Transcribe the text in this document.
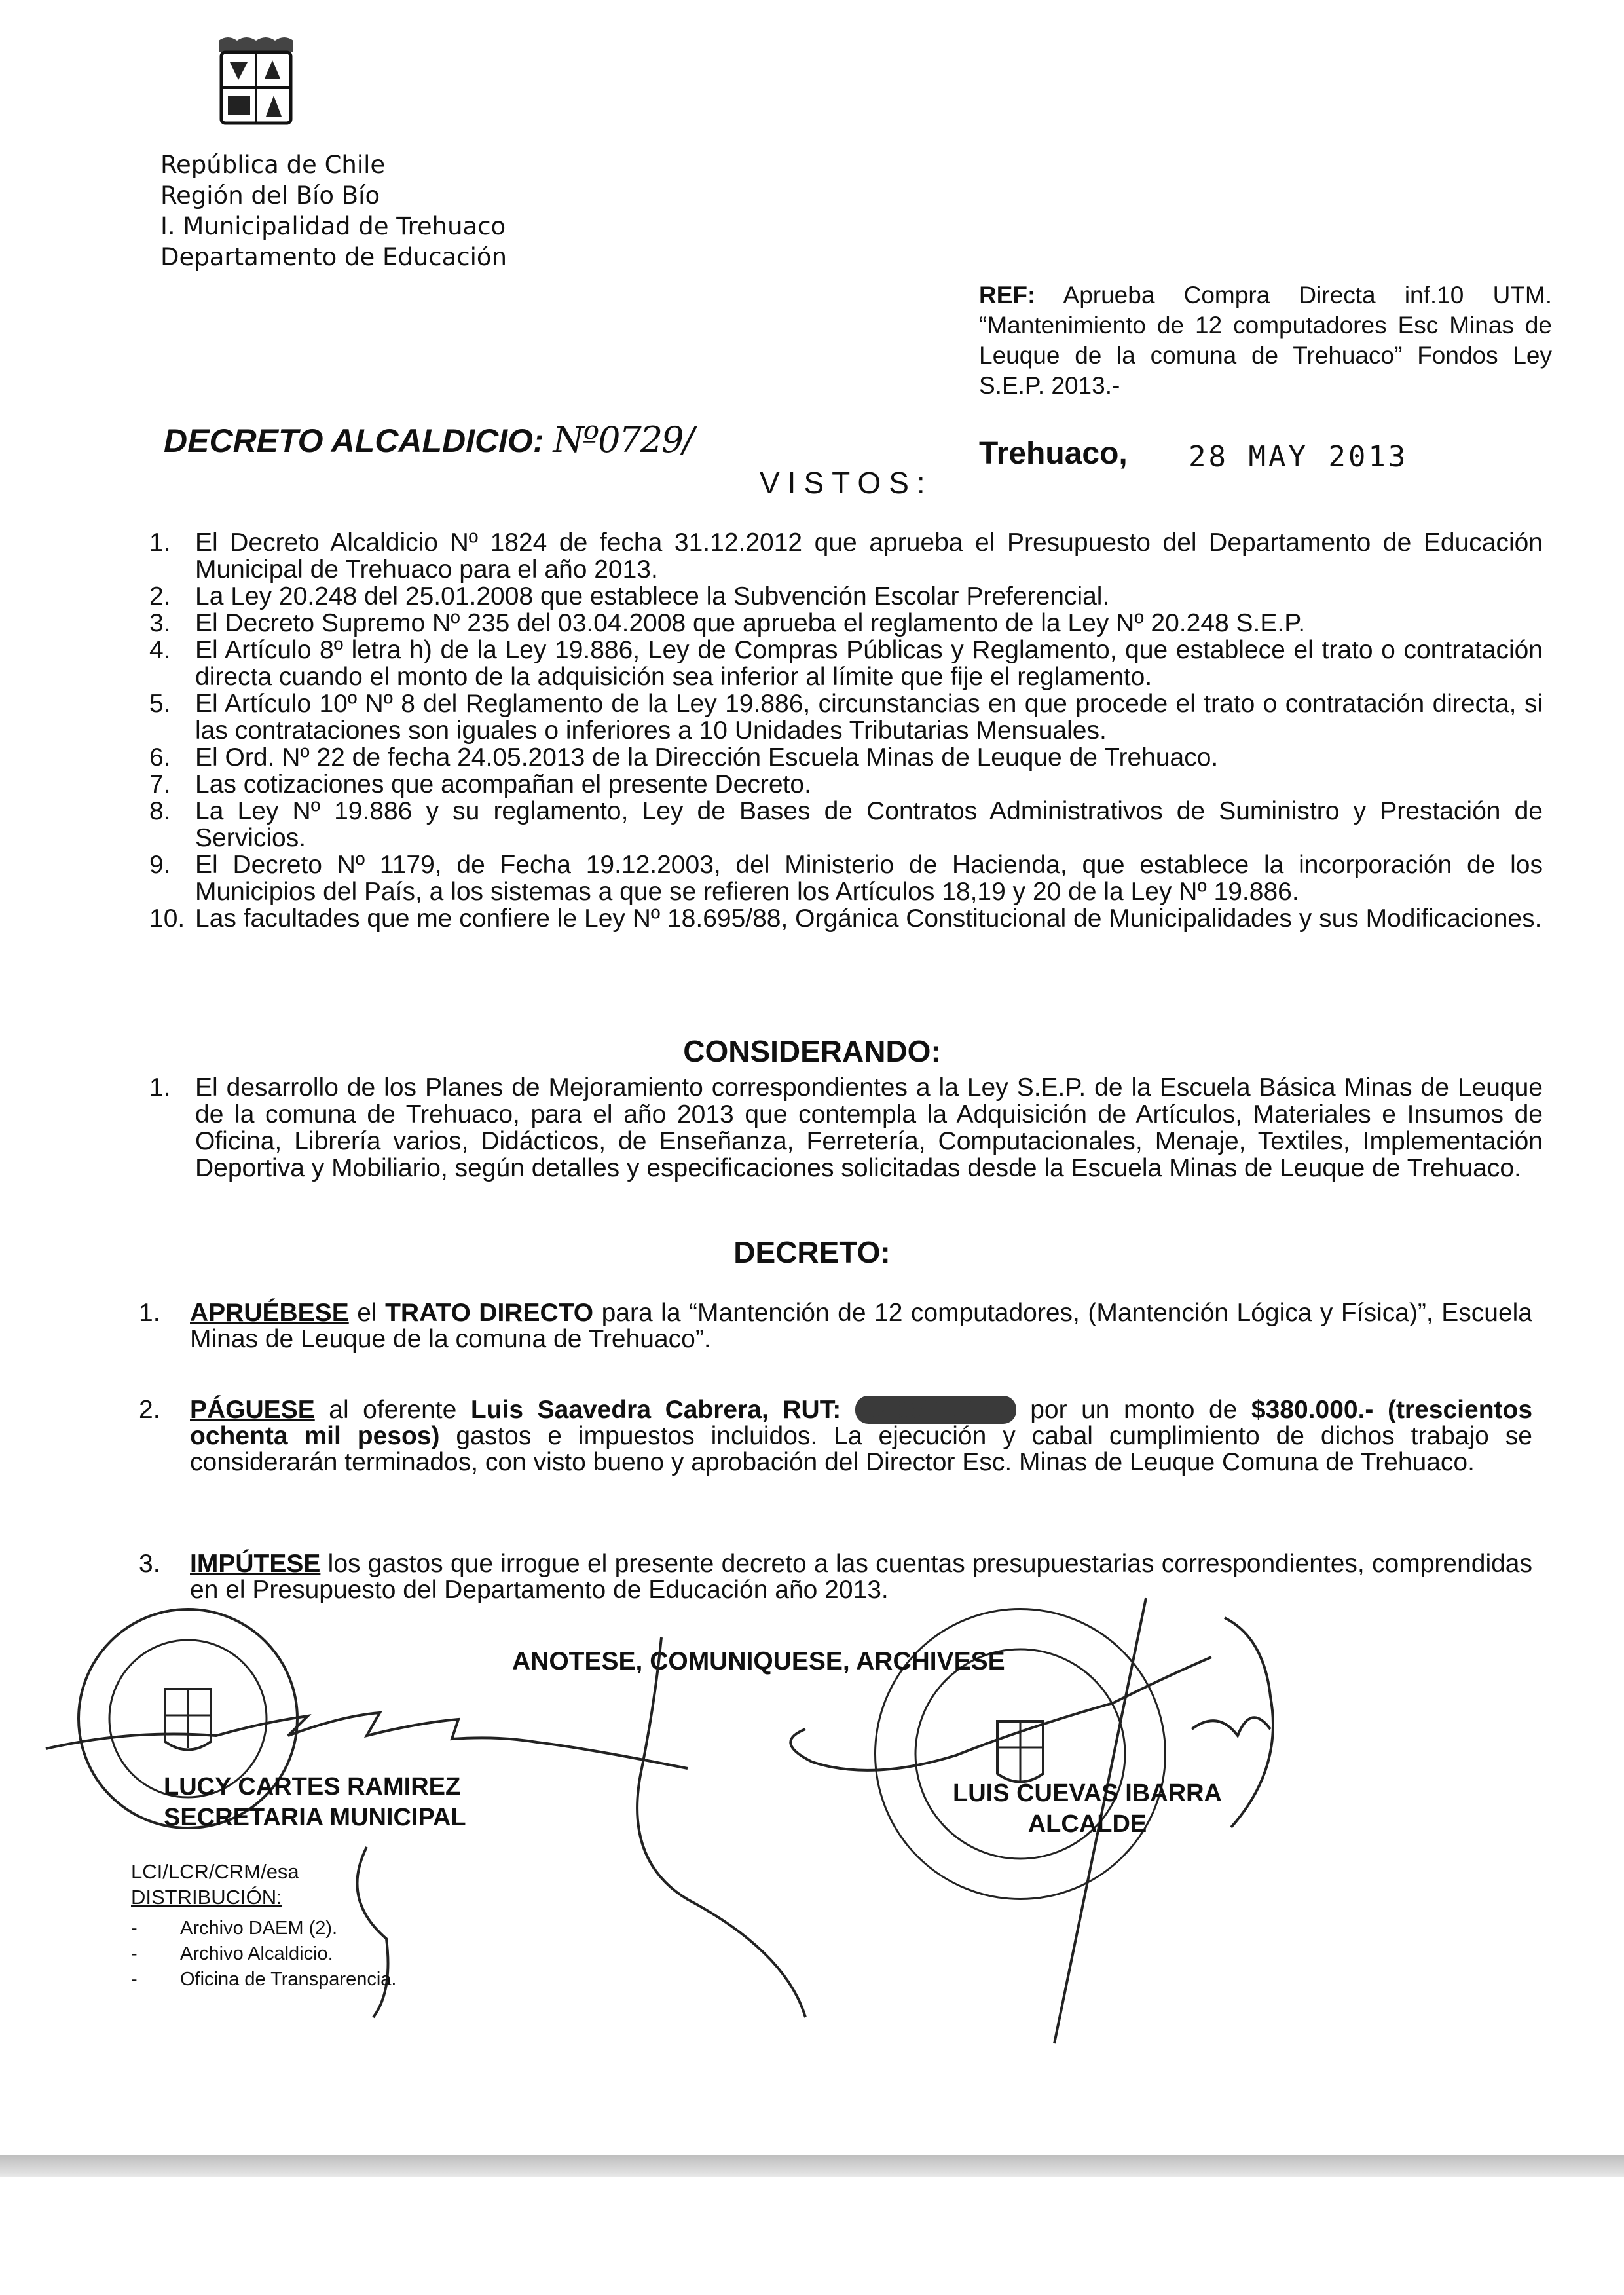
República de Chile
Región del Bío Bío
I. Municipalidad de Trehuaco
Departamento de Educación
REF: Aprueba Compra Directa inf.10 UTM. “Mantenimiento de 12 computadores Esc Minas de Leuque de la comuna de Trehuaco” Fondos Ley S.E.P. 2013.-
DECRETO ALCALDICIO: Nº0729/	Trehuaco, 28 MAY 2013
VISTOS:
1. El Decreto Alcaldicio Nº 1824 de fecha 31.12.2012 que aprueba el Presupuesto del Departamento de Educación Municipal de Trehuaco para el año 2013.
2. La Ley 20.248 del 25.01.2008 que establece la Subvención Escolar Preferencial.
3. El Decreto Supremo Nº 235 del 03.04.2008 que aprueba el reglamento de la Ley Nº 20.248 S.E.P.
4. El Artículo 8º letra h) de la Ley 19.886, Ley de Compras Públicas y Reglamento, que establece el trato o contratación directa cuando el monto de la adquisición sea inferior al límite que fije el reglamento.
5. El Artículo 10º Nº 8 del Reglamento de la Ley 19.886, circunstancias en que procede el trato o contratación directa, si las contrataciones son iguales o inferiores a 10 Unidades Tributarias Mensuales.
6. El Ord. Nº 22 de fecha 24.05.2013 de la Dirección Escuela Minas de Leuque de Trehuaco.
7. Las cotizaciones que acompañan el presente Decreto.
8. La Ley Nº 19.886 y su reglamento, Ley de Bases de Contratos Administrativos de Suministro y Prestación de Servicios.
9. El Decreto Nº 1179, de Fecha 19.12.2003, del Ministerio de Hacienda, que establece la incorporación de los Municipios del País, a los sistemas a que se refieren los Artículos 18,19 y 20 de la Ley Nº 19.886.
10. Las facultades que me confiere le Ley Nº 18.695/88, Orgánica Constitucional de Municipalidades y sus Modificaciones.
CONSIDERANDO:
1. El desarrollo de los Planes de Mejoramiento correspondientes a la Ley S.E.P. de la Escuela Básica Minas de Leuque de la comuna de Trehuaco, para el año 2013 que contempla la Adquisición de Artículos, Materiales e Insumos de Oficina, Librería varios, Didácticos, de Enseñanza, Ferretería, Computacionales, Menaje, Textiles, Implementación Deportiva y Mobiliario, según detalles y especificaciones solicitadas desde la Escuela Minas de Leuque de Trehuaco.
DECRETO:
1. APRUÉBESE el TRATO DIRECTO para la “Mantención de 12 computadores, (Mantención Lógica y Física)”, Escuela Minas de Leuque de la comuna de Trehuaco”.
2. PÁGUESE al oferente Luis Saavedra Cabrera, RUT: 12.967.938-7 por un monto de $380.000.- (trescientos ochenta mil pesos) gastos e impuestos incluidos. La ejecución y cabal cumplimiento de dichos trabajo se considerarán terminados, con visto bueno y aprobación del Director Esc. Minas de Leuque Comuna de Trehuaco.
3. IMPÚTESE los gastos que irrogue el presente decreto a las cuentas presupuestarias correspondientes, comprendidas en el Presupuesto del Departamento de Educación año 2013.
ANOTESE, COMUNIQUESE, ARCHIVESE
LUCY CARTES RAMIREZ
SECRETARIA MUNICIPAL
LUIS CUEVAS IBARRA
ALCALDE
LCI/LCR/CRM/esa
DISTRIBUCIÓN:
- Archivo DAEM (2).
- Archivo Alcaldicio.
- Oficina de Transparencia.
